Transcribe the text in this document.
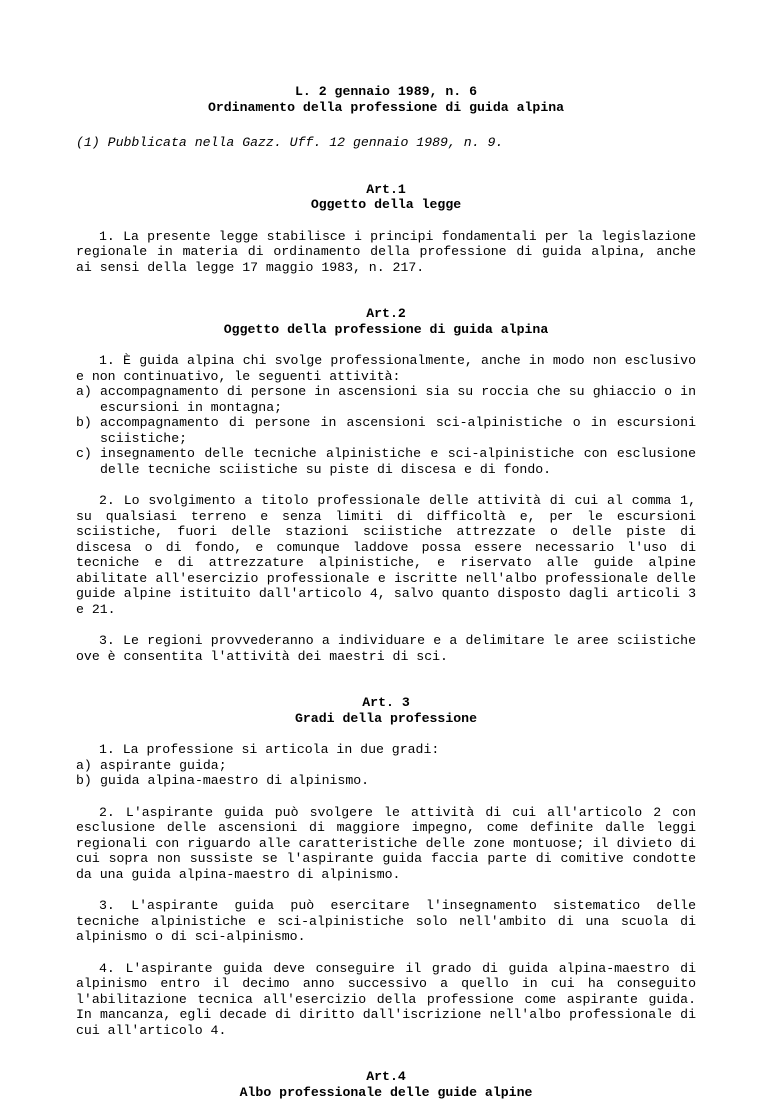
L. 2 gennaio 1989, n. 6
Ordinamento della professione di guida alpina
(1) Pubblicata nella Gazz. Uff. 12 gennaio 1989, n. 9.
Art.1
Oggetto della legge

1. La presente legge stabilisce i principi fondamentali per la legislazione regionale in materia di ordinamento della professione di guida alpina, anche ai sensi della legge 17 maggio 1983, n. 217.

Art.2
Oggetto della professione di guida alpina

1. È guida alpina chi svolge professionalmente, anche in modo non esclusivo e non continuativo, le seguenti attività:

a) accompagnamento di persone in ascensioni sia su roccia che su ghiaccio o in escursioni in montagna;
b) accompagnamento di persone in ascensioni sci-alpinistiche o in escursioni sciistiche;
c) insegnamento delle tecniche alpinistiche e sci-alpinistiche con esclusione delle tecniche sciistiche su piste di discesa e di fondo.

2. Lo svolgimento a titolo professionale delle attività di cui al comma 1, su qualsiasi terreno e senza limiti di difficoltà e, per le escursioni sciistiche, fuori delle stazioni sciistiche attrezzate o delle piste di discesa o di fondo, e comunque laddove possa essere necessario l'uso di tecniche e di attrezzature alpinistiche, e riservato alle guide alpine abilitate all'esercizio professionale e iscritte nell'albo professionale delle guide alpine istituito dall'articolo 4, salvo quanto disposto dagli articoli 3 e 21.

3. Le regioni provvederanno a individuare e a delimitare le aree sciistiche ove è consentita l'attività dei maestri di sci.

Art. 3
Gradi della professione

1. La professione si articola in due gradi:

a) aspirante guida;
b) guida alpina-maestro di alpinismo.

2. L'aspirante guida può svolgere le attività di cui all'articolo 2 con esclusione delle ascensioni di maggiore impegno, come definite dalle leggi regionali con riguardo alle caratteristiche delle zone montuose; il divieto di cui sopra non sussiste se l'aspirante guida faccia parte di comitive condotte da una guida alpina-maestro di alpinismo.

3. L'aspirante guida può esercitare l'insegnamento sistematico delle tecniche alpinistiche e sci-alpinistiche solo nell'ambito di una scuola di alpinismo o di sci-alpinismo.

4. L'aspirante guida deve conseguire il grado di guida alpina-maestro di alpinismo entro il decimo anno successivo a quello in cui ha conseguito l'abilitazione tecnica all'esercizio della professione come aspirante guida. In mancanza, egli decade di diritto dall'iscrizione nell'albo professionale di cui all'articolo 4.

Art.4
Albo professionale delle guide alpine
